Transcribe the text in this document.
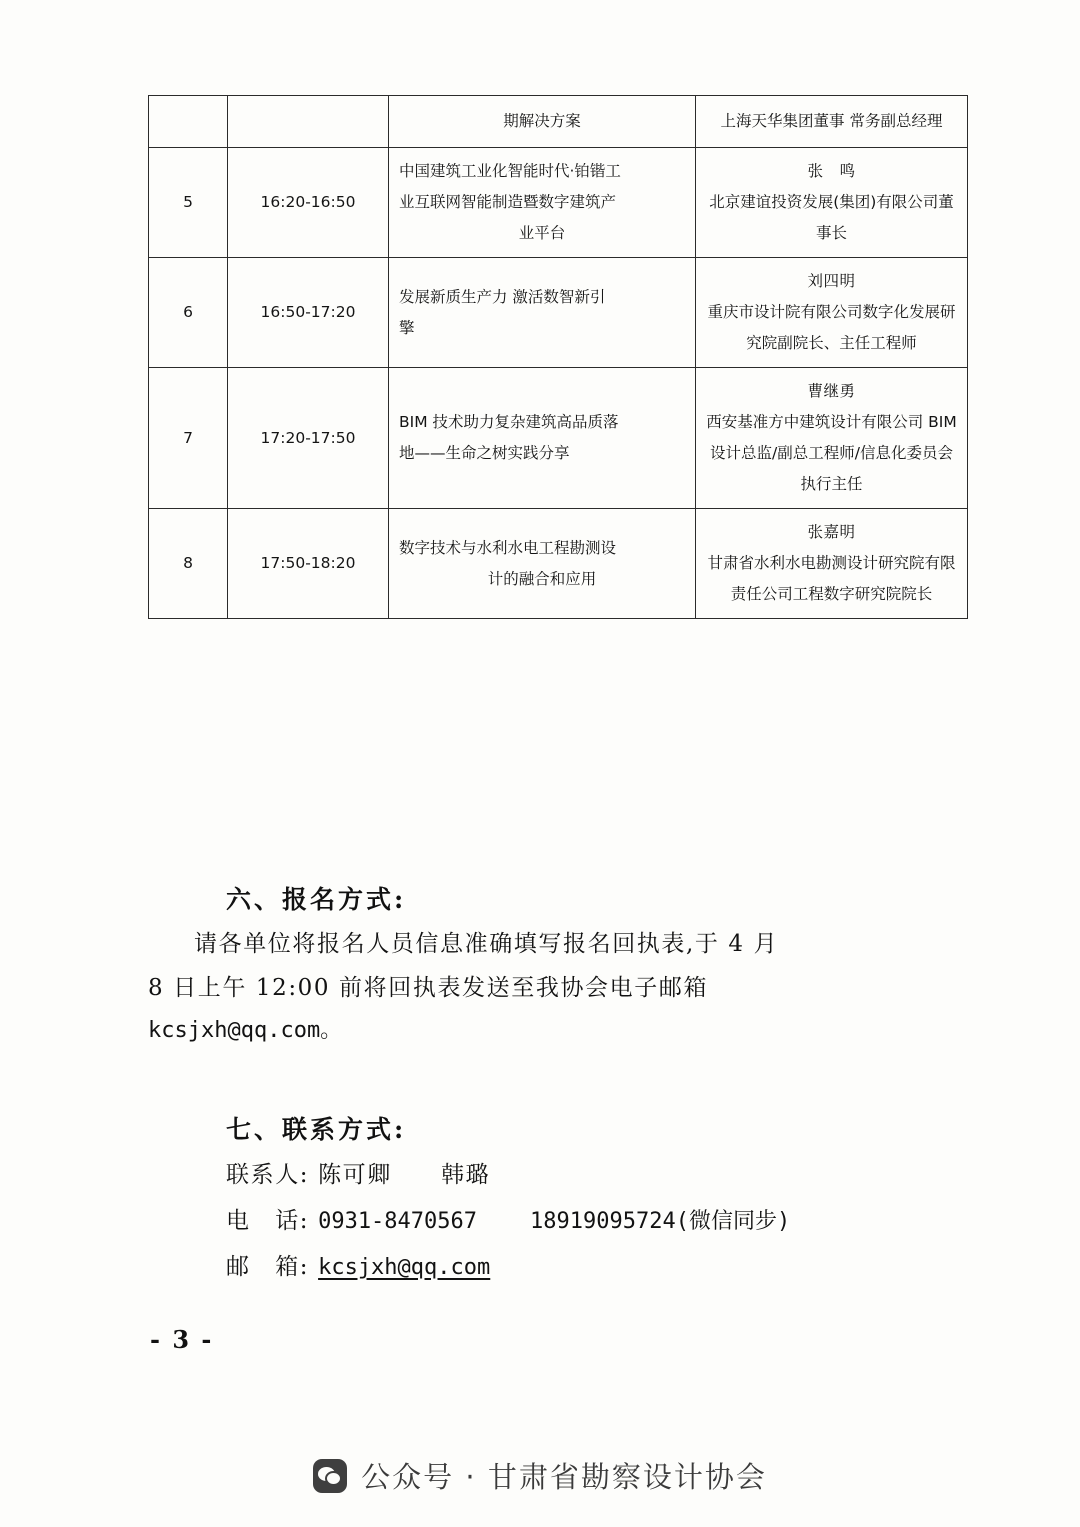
		期解决方案	上海天华集团董事 常务副总经理

5	16:20-16:50	中国建筑工业化智能时代·铂锴工
业互联网智能制造暨数字建筑产
业平台	张　鸣
北京建谊投资发展(集团)有限公司董
事长

6	16:50-17:20	发展新质生产力 激活数智新引
擎	刘四明
重庆市设计院有限公司数字化发展研
究院副院长、主任工程师

7	17:20-17:50	BIM 技术助力复杂建筑高品质落
地——生命之树实践分享	曹继勇
西安基准方中建筑设计有限公司 BIM
设计总监/副总工程师/信息化委员会
执行主任

8	17:50-18:20	数字技术与水利水电工程勘测设
计的融合和应用	张嘉明
甘肃省水利水电勘测设计研究院有限
责任公司工程数字研究院院长

六、报名方式:

请各单位将报名人员信息准确填写报名回执表,于 4 月

8 日上午 12:00 前将回执表发送至我协会电子邮箱

kcsjxh@qq.com。

七、联系方式:

联系人: 陈可卿　　韩璐
电　话: 0931-8470567    18919095724(微信同步)
邮　箱: kcsjxh@qq.com
- 3 -
公众号 · 甘肃省勘察设计协会
